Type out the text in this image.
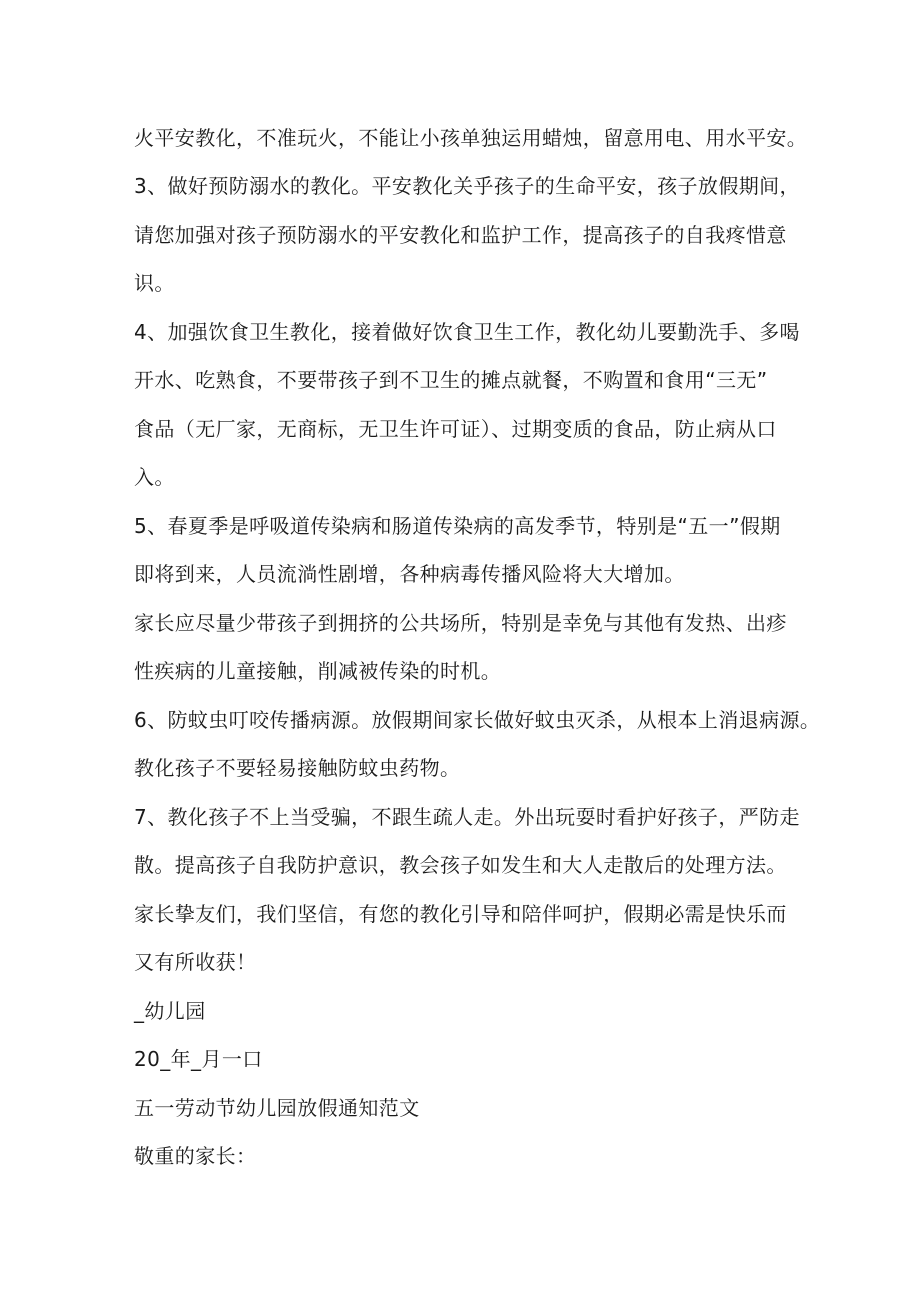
火平安教化，不准玩火，不能让小孩单独运用蜡烛，留意用电、用水平安。
3、做好预防溺水的教化。平安教化关乎孩子的生命平安，孩子放假期间，
请您加强对孩子预防溺水的平安教化和监护工作，提高孩子的自我疼惜意
识。
4、加强饮食卫生教化，接着做好饮食卫生工作，教化幼儿要勤洗手、多喝
开水、吃熟食，不要带孩子到不卫生的摊点就餐，不购置和食用“三无”
食品（无厂家，无商标，无卫生许可证）、过期变质的食品，防止病从口
入。
5、春夏季是呼吸道传染病和肠道传染病的高发季节，特别是“五一”假期
即将到来，人员流淌性剧增，各种病毒传播风险将大大增加。
家长应尽量少带孩子到拥挤的公共场所，特别是幸免与其他有发热、出疹
性疾病的儿童接触，削减被传染的时机。
6、防蚊虫叮咬传播病源。放假期间家长做好蚊虫灭杀，从根本上消退病源。
教化孩子不要轻易接触防蚊虫药物。
7、教化孩子不上当受骗，不跟生疏人走。外出玩耍时看护好孩子，严防走
散。提高孩子自我防护意识，教会孩子如发生和大人走散后的处理方法。
家长挚友们，我们坚信，有您的教化引导和陪伴呵护，假期必需是快乐而
又有所收获！
_幼儿园
20_年_月一口
五一劳动节幼儿园放假通知范文
敬重的家长：
